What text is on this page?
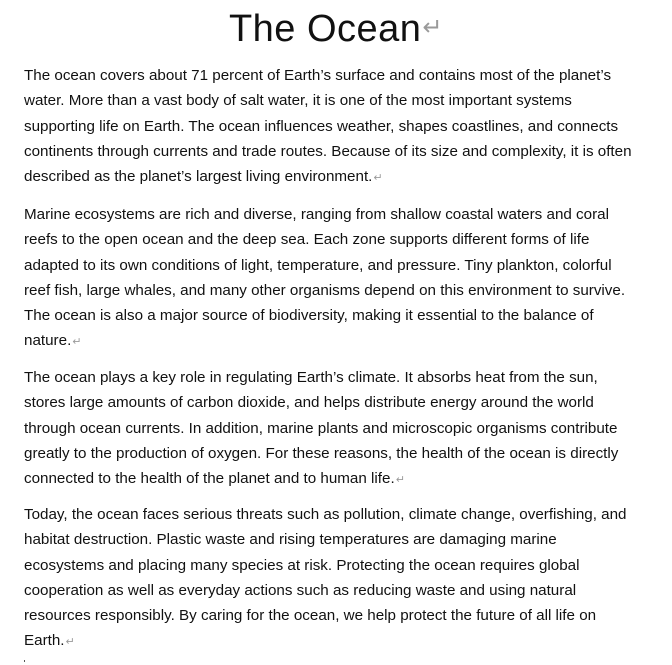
The Ocean↵

The ocean covers about 71 percent of Earth’s surface and contains most of the planet’s water. More than a vast body of salt water, it is one of the most important systems supporting life on Earth. The ocean influences weather, shapes coastlines, and connects continents through currents and trade routes. Because of its size and complexity, it is often described as the planet’s largest living environment.↵

Marine ecosystems are rich and diverse, ranging from shallow coastal waters and coral reefs to the open ocean and the deep sea. Each zone supports different forms of life adapted to its own conditions of light, temperature, and pressure. Tiny plankton, colorful reef fish, large whales, and many other organisms depend on this environment to survive. The ocean is also a major source of biodiversity, making it essential to the balance of nature.↵

The ocean plays a key role in regulating Earth’s climate. It absorbs heat from the sun, stores large amounts of carbon dioxide, and helps distribute energy around the world through ocean currents. In addition, marine plants and microscopic organisms contribute greatly to the production of oxygen. For these reasons, the health of the ocean is directly connected to the health of the planet and to human life.↵

Today, the ocean faces serious threats such as pollution, climate change, overfishing, and habitat destruction. Plastic waste and rising temperatures are damaging marine ecosystems and placing many species at risk. Protecting the ocean requires global cooperation as well as everyday actions such as reducing waste and using natural resources responsibly. By caring for the ocean, we help protect the future of all life on Earth.↵
